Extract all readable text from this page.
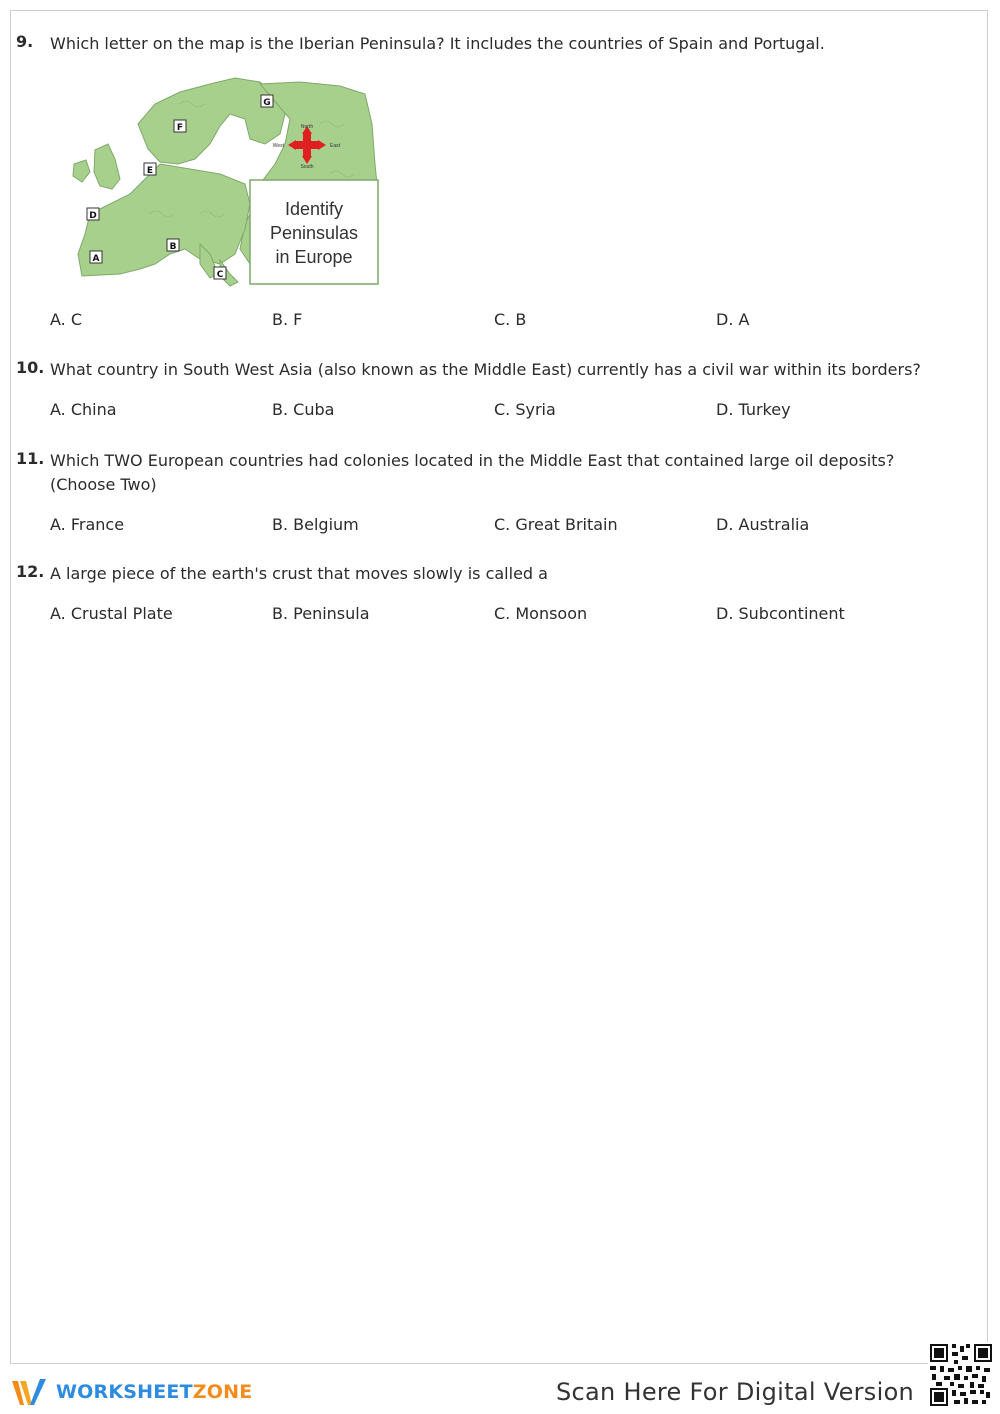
9. Which letter on the map is the Iberian Peninsula? It includes the countries of Spain and Portugal.
Identify
Peninsulas
in Europe
North
South
West	East
G
F
E
D
A
B
C
A. C	B. F	C. B	D. A
10. What country in South West Asia (also known as the Middle East) currently has a civil war within its borders?
A. China	B. Cuba	C. Syria	D. Turkey
11. Which TWO European countries had colonies located in the Middle East that contained large oil deposits? (Choose Two)
A. France	B. Belgium	C. Great Britain	D. Australia
12. A large piece of the earth's crust that moves slowly is called a
A. Crustal Plate	B. Peninsula	C. Monsoon	D. Subcontinent
WORKSHEETZONE	Scan Here For Digital Version
